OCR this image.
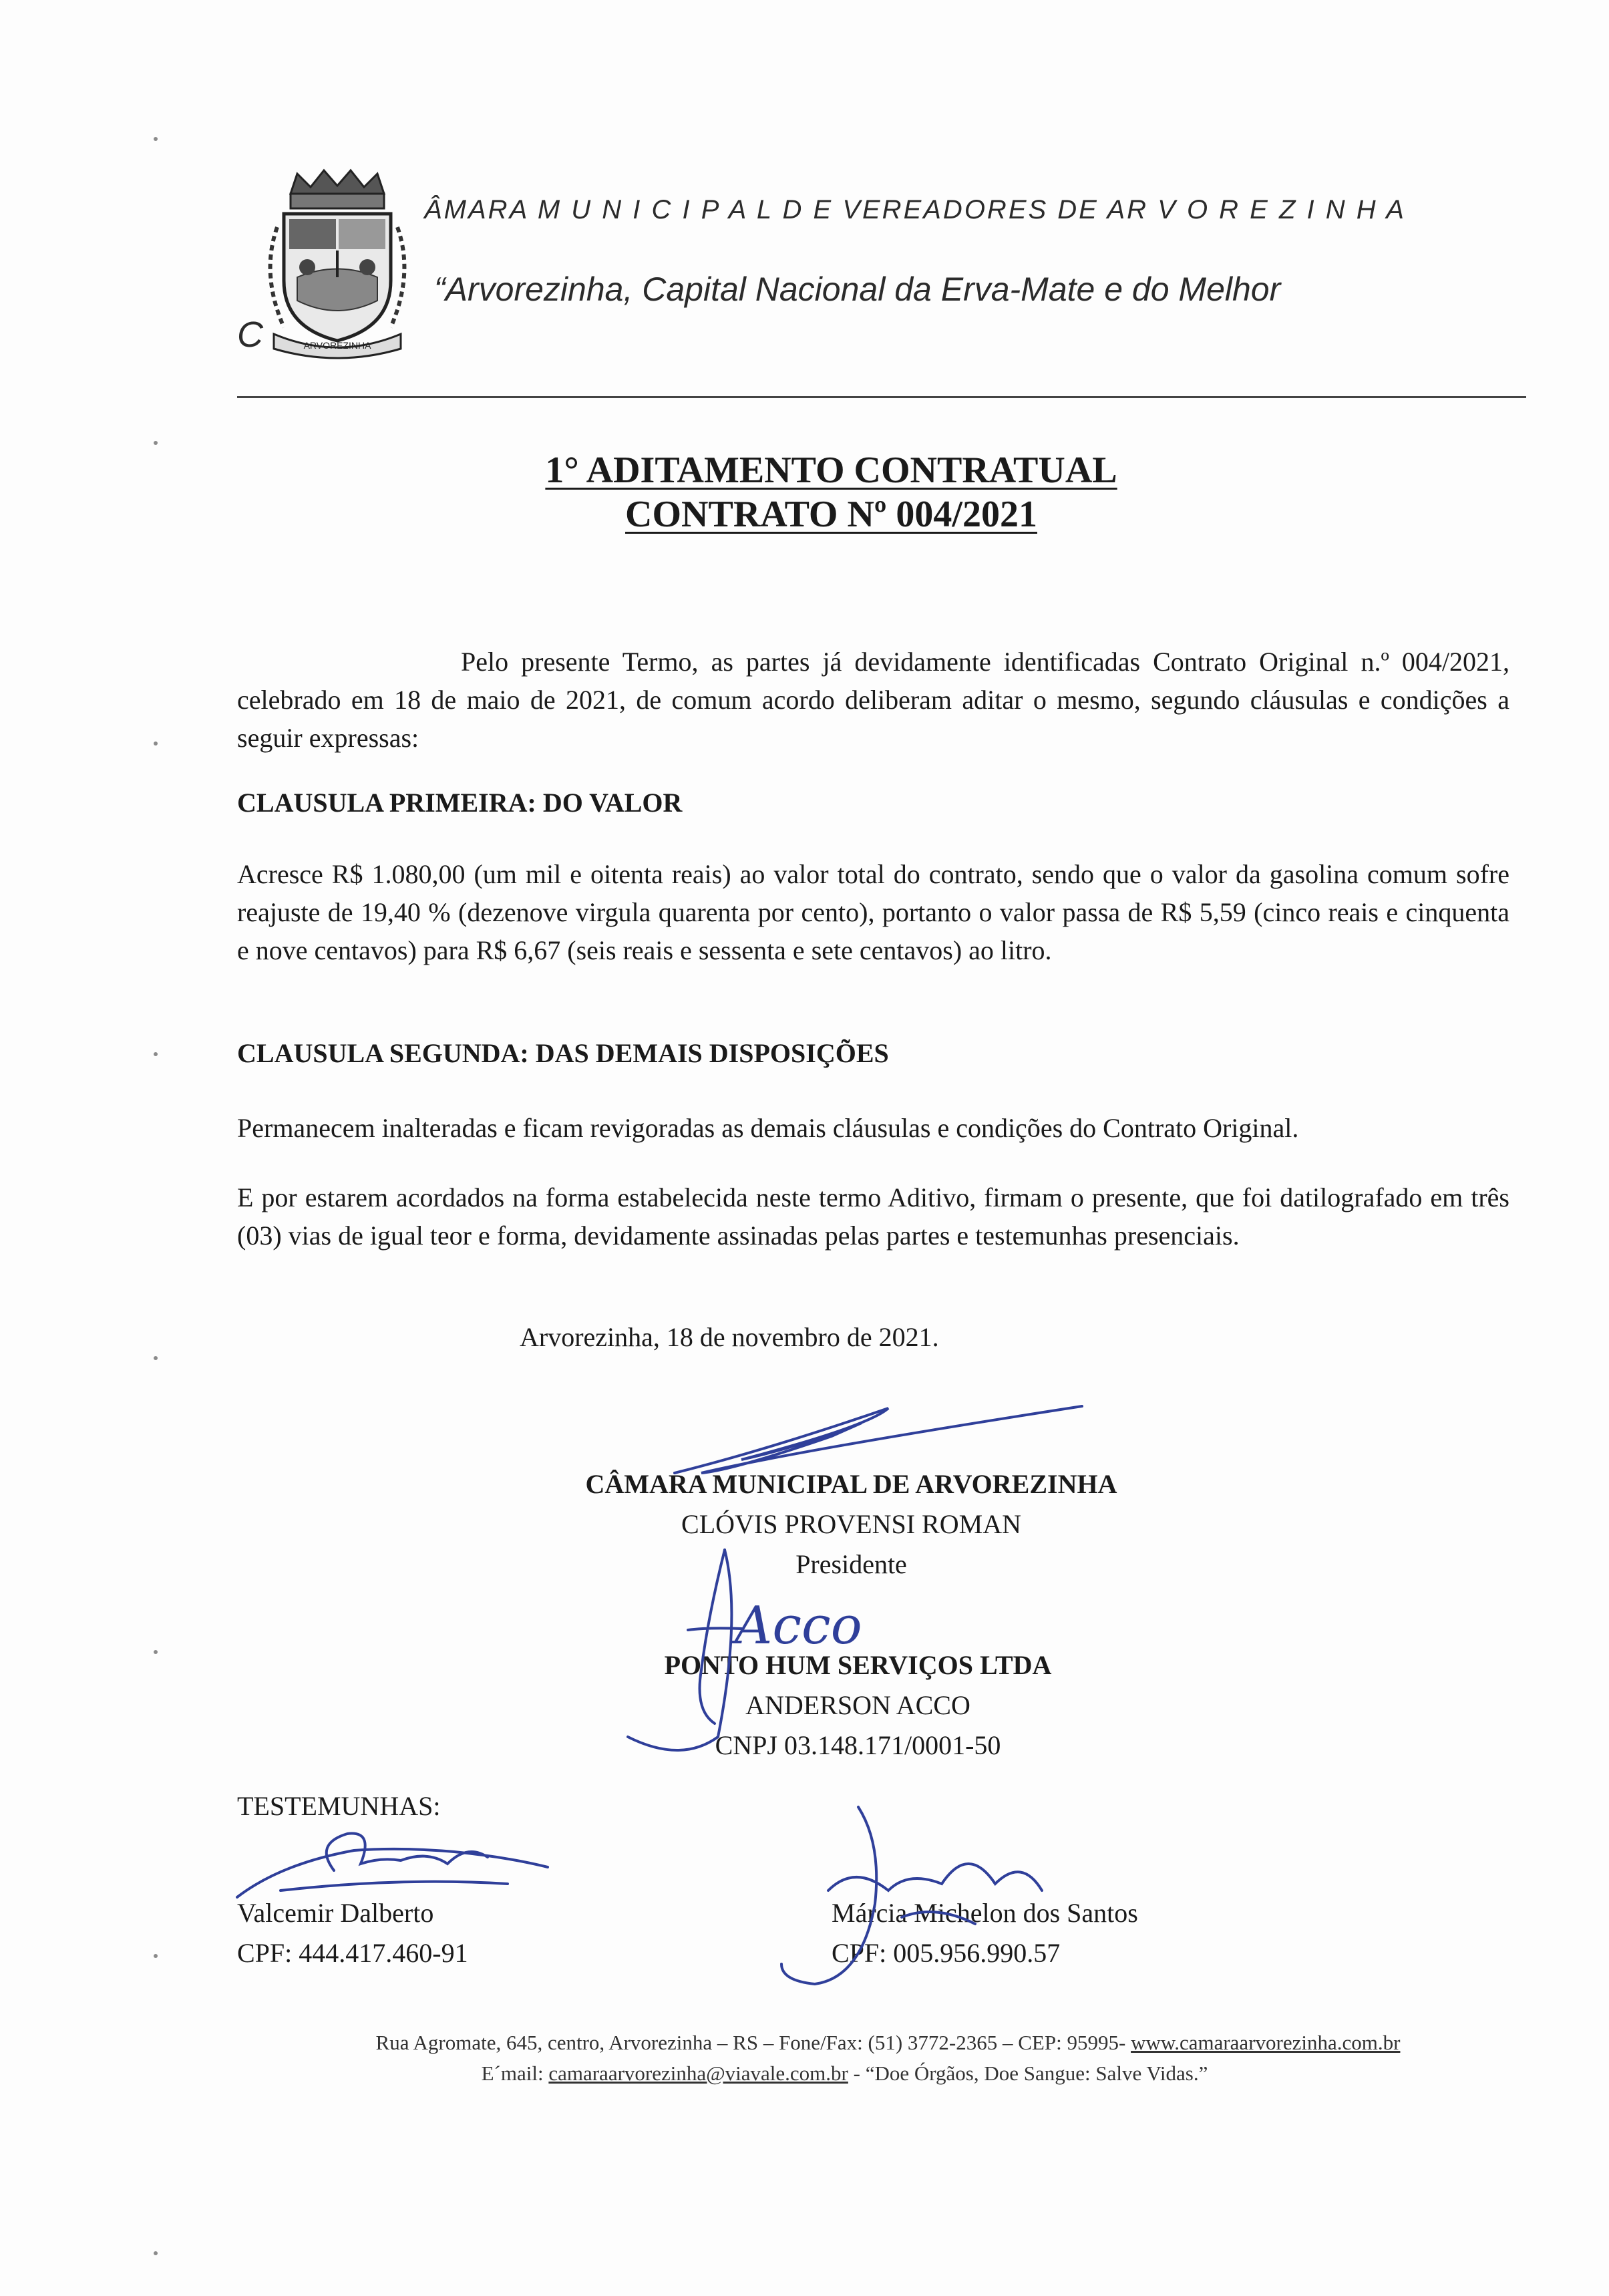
ARVOREZINHA
ÂMARA M U N I C I P A L D E VEREADORES DE AR V O R E Z I N H A
“Arvorezinha, Capital Nacional da Erva-Mate e do Melhor
C
1° ADITAMENTO CONTRATUAL
CONTRATO Nº 004/2021
Pelo presente Termo, as partes já devidamente identificadas Contrato Original n.º 004/2021, celebrado em 18 de maio de 2021, de comum acordo deliberam aditar o mesmo, segundo cláusulas e condições a seguir expressas:
CLAUSULA PRIMEIRA: DO VALOR
Acresce R$ 1.080,00 (um mil e oitenta reais) ao valor total do contrato, sendo que o valor da gasolina comum sofre reajuste de 19,40 % (dezenove virgula quarenta por cento), portanto o valor passa de R$ 5,59 (cinco reais e cinquenta e nove centavos) para R$ 6,67 (seis reais e sessenta e sete centavos) ao litro.
CLAUSULA SEGUNDA: DAS DEMAIS DISPOSIÇÕES
Permanecem inalteradas e ficam revigoradas as demais cláusulas e condições do Contrato Original.
E por estarem acordados na forma estabelecida neste termo Aditivo, firmam o presente, que foi datilografado em três (03) vias de igual teor e forma, devidamente assinadas pelas partes e testemunhas presenciais.
Arvorezinha, 18 de novembro de 2021.
CÂMARA MUNICIPAL DE ARVOREZINHA
CLÓVIS PROVENSI ROMAN
Presidente
PONTO HUM SERVIÇOS LTDA
ANDERSON ACCO
CNPJ 03.148.171/0001-50
TESTEMUNHAS:
Valcemir Dalberto
CPF: 444.417.460-91
Márcia Michelon dos Santos
CPF: 005.956.990.57
Rua Agromate, 645, centro, Arvorezinha – RS – Fone/Fax: (51) 3772-2365 – CEP: 95995- www.camaraarvorezinha.com.br
E´mail: camaraarvorezinha@viavale.com.br - “Doe Órgãos, Doe Sangue: Salve Vidas.”
Acco
